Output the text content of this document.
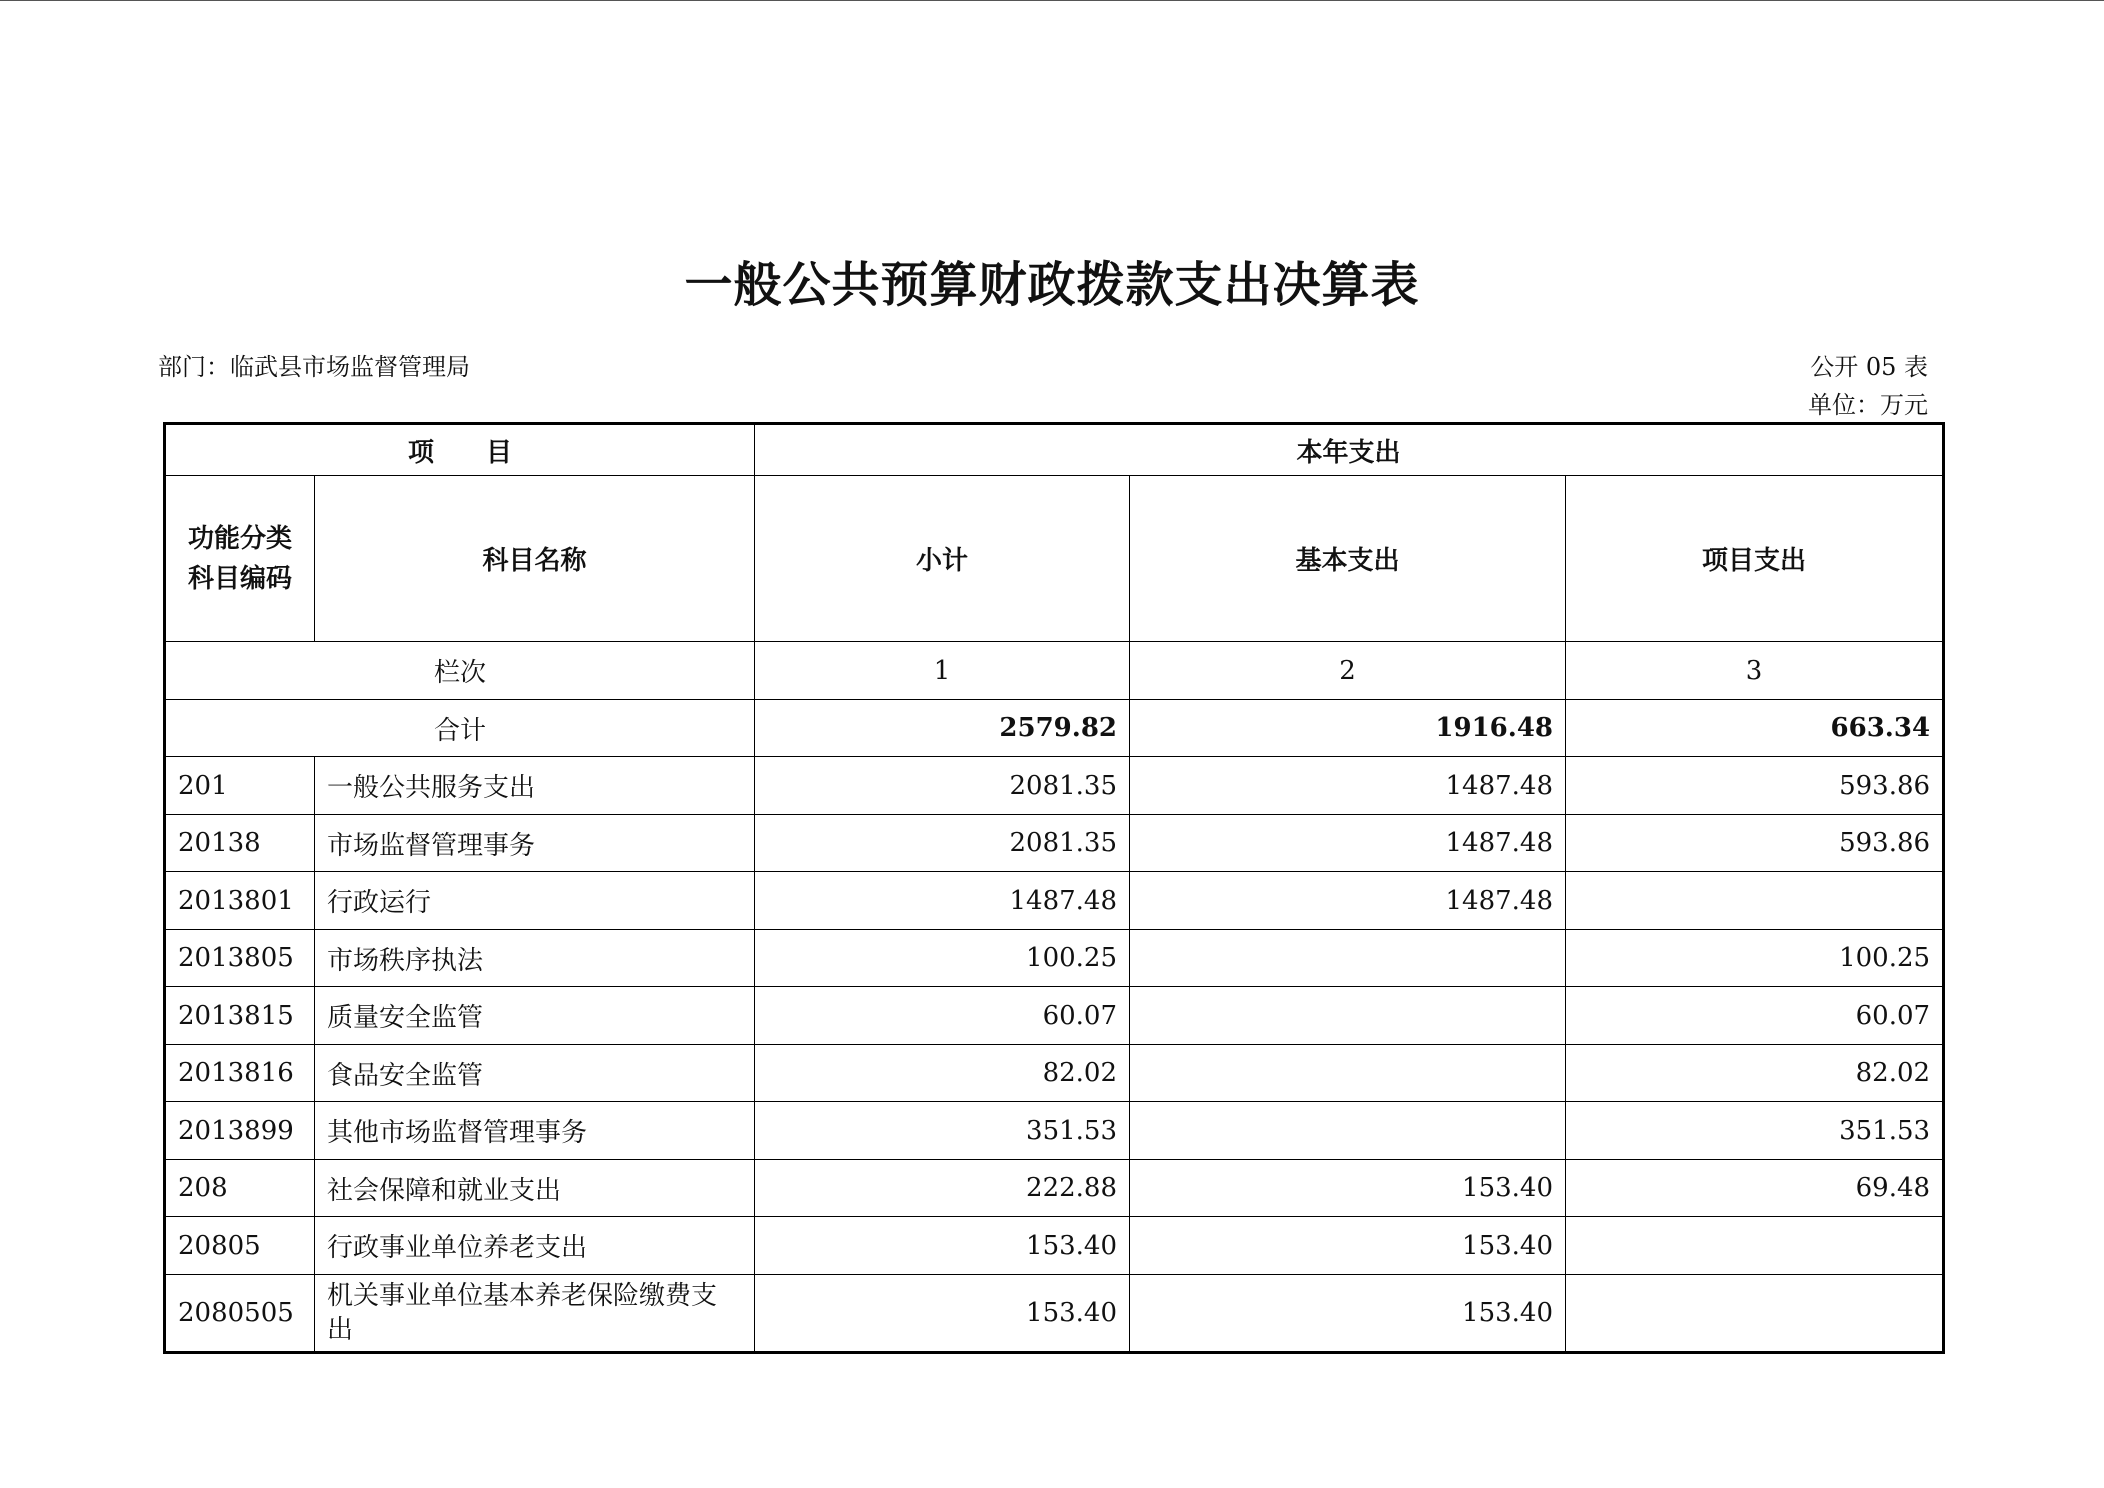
一般公共预算财政拨款支出决算表
部门：临武县市场监督管理局	公开 05 表
单位：万元
项　　目		本年支出		

功能分类
科目编码	科目名称	小计	基本支出	项目支出
栏次		1	2	3
合计		2579.82	1916.48	663.34
201	一般公共服务支出	2081.35	1487.48	593.86
20138	市场监督管理事务	2081.35	1487.48	593.86
2013801	行政运行	1487.48	1487.48	
2013805	市场秩序执法	100.25		100.25
2013815	质量安全监管	60.07		60.07
2013816	食品安全监管	82.02		82.02
2013899	其他市场监督管理事务	351.53		351.53
208	社会保障和就业支出	222.88	153.40	69.48
20805	行政事业单位养老支出	153.40	153.40	
2080505	机关事业单位基本养老保险缴费支出	153.40	153.40	
